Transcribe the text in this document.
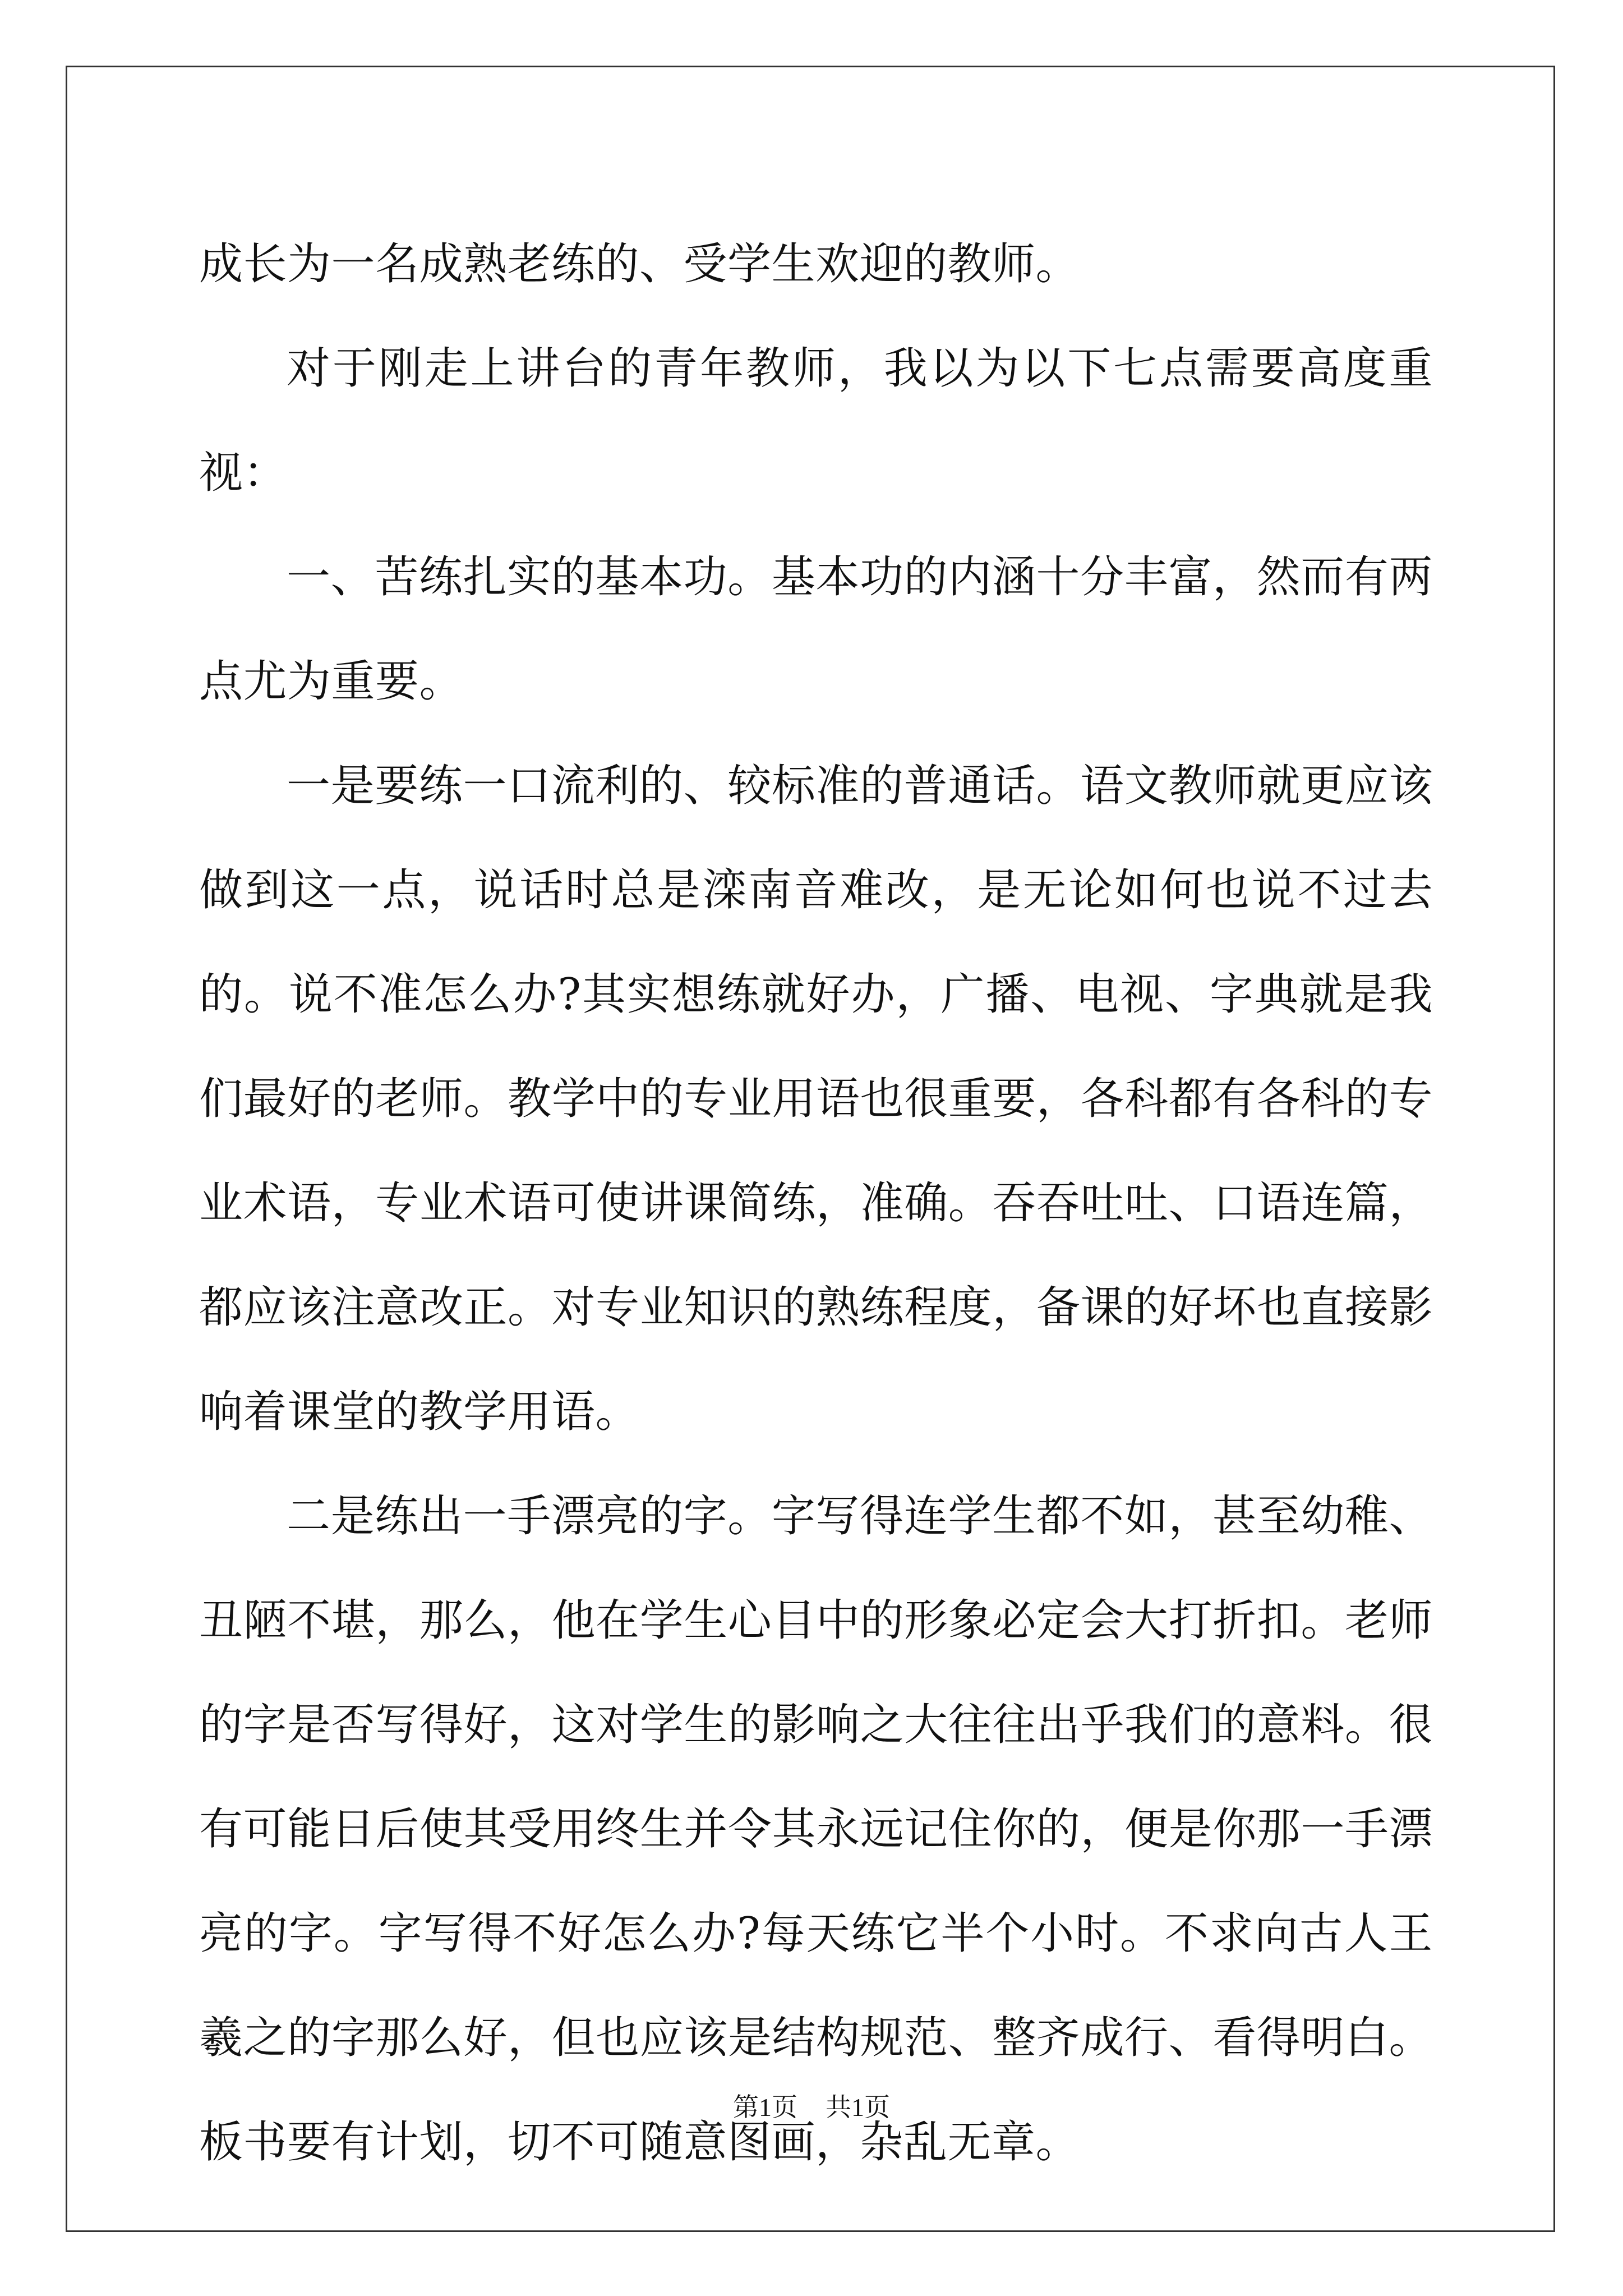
成长为一名成熟老练的、受学生欢迎的教师。

对于刚走上讲台的青年教师，我以为以下七点需要高度重视：

一、苦练扎实的基本功。基本功的内涵十分丰富，然而有两点尤为重要。

一是要练一口流利的、较标准的普通话。语文教师就更应该做到这一点，说话时总是滦南音难改，是无论如何也说不过去的。说不准怎么办?其实想练就好办，广播、电视、字典就是我们最好的老师。教学中的专业用语也很重要，各科都有各科的专业术语，专业术语可使讲课简练，准确。吞吞吐吐、口语连篇，都应该注意改正。对专业知识的熟练程度，备课的好坏也直接影响着课堂的教学用语。

二是练出一手漂亮的字。字写得连学生都不如，甚至幼稚、丑陋不堪，那么，他在学生心目中的形象必定会大打折扣。老师的字是否写得好，这对学生的影响之大往往出乎我们的意料。很有可能日后使其受用终生并令其永远记住你的，便是你那一手漂亮的字。字写得不好怎么办?每天练它半个小时。不求向古人王羲之的字那么好，但也应该是结构规范、整齐成行、看得明白。板书要有计划，切不可随意图画，杂乱无章。

第1页 共1页
